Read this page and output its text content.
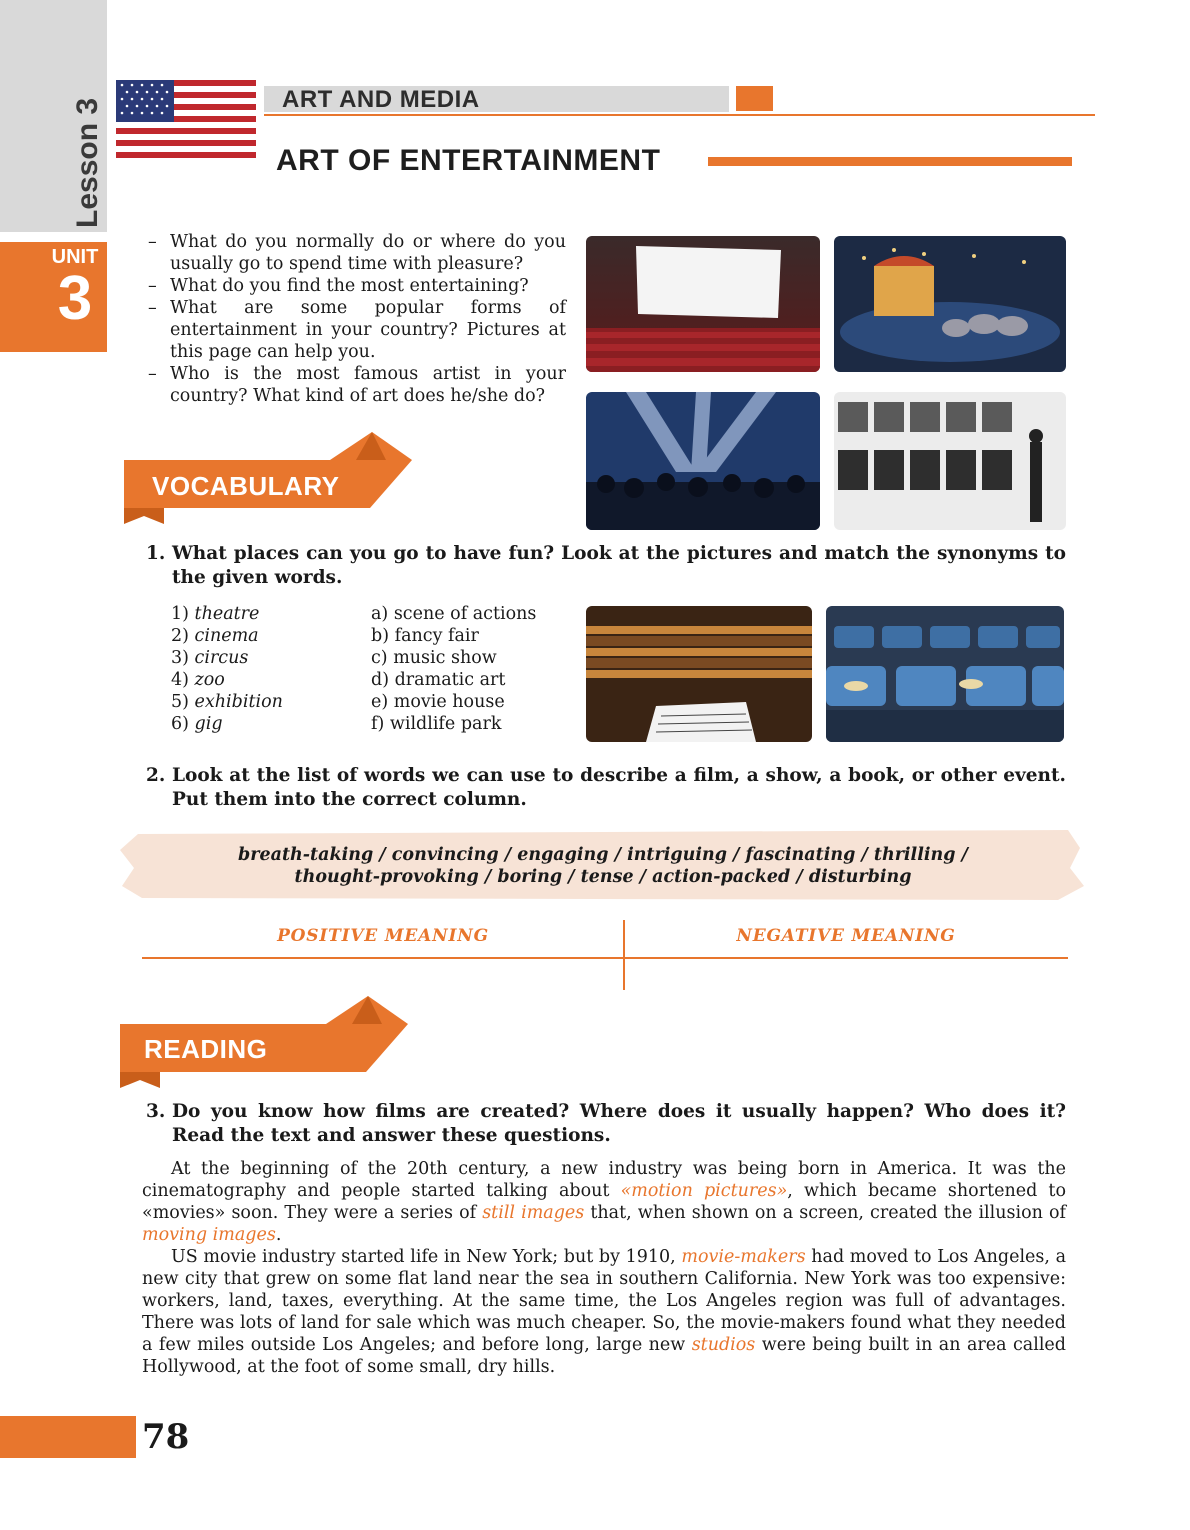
Lesson 3
UNIT
3
ART AND MEDIA
ART OF ENTERTAINMENT
– What do you normally do or where do you usually go to spend time with pleasure?
– What do you find the most entertaining?
– What are some popular forms of entertainment in your country? Pictures at this page can help you.
– Who is the most famous artist in your country? What kind of art does he/she do?
VOCABULARY
1. What places can you go to have fun? Look at the pictures and match the synonyms to the given words.
1) theatre
2) cinema
3) circus
4) zoo
5) exhibition
6) gig
a) scene of actions
b) fancy fair
c) music show
d) dramatic art
e) movie house
f) wildlife park
2. Look at the list of words we can use to describe a film, a show, a book, or other event. Put them into the correct column.
breath-taking / convincing / engaging / intriguing / fascinating / thrilling /
thought-provoking / boring / tense / action-packed / disturbing
POSITIVE MEANING	NEGATIVE MEANING
READING
3. Do you know how films are created? Where does it usually happen? Who does it? Read the text and answer these questions.

At the beginning of the 20th century, a new industry was being born in America. It was the cinematography and people started talking about «motion pictures», which became shortened to «movies» soon. They were a series of still images that, when shown on a screen, created the illusion of moving images.

US movie industry started life in New York; but by 1910, movie-makers had moved to Los Angeles, a new city that grew on some flat land near the sea in southern California. New York was too expensive: workers, land, taxes, everything. At the same time, the Los Angeles region was full of advantages. There was lots of land for sale which was much cheaper. So, the movie-makers found what they needed a few miles outside Los Angeles; and before long, large new studios were being built in an area called Hollywood, at the foot of some small, dry hills.

78
